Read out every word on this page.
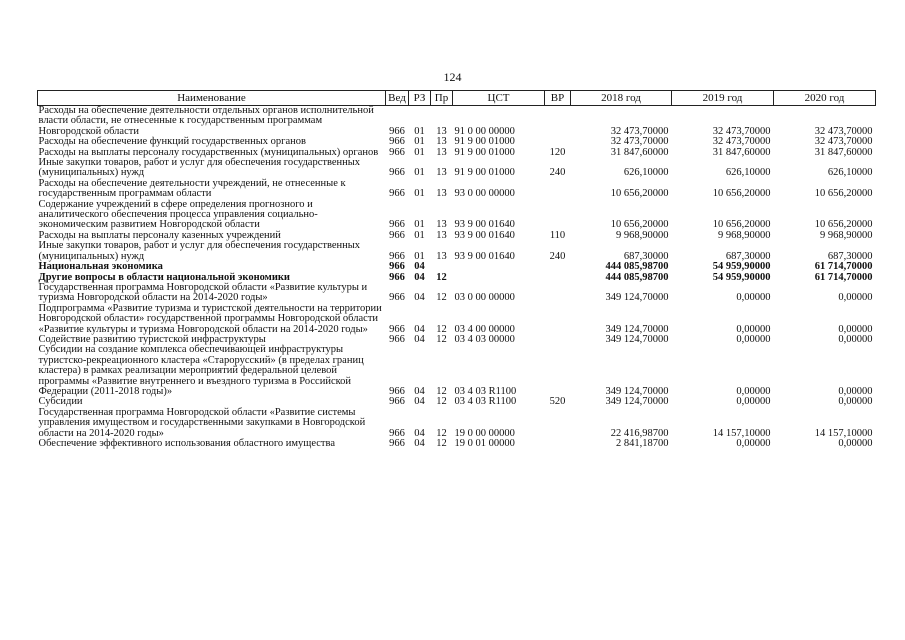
124
Наименование	Вед	РЗ	Пр	ЦСТ	ВР	2018 год	2019 год	2020 год
Расходы на обеспечение деятельности отдельных органов исполнительной власти области, не отнесенные к государственным программам Новгородской области	966	01	13	91 0 00 00000		32 473,70000	32 473,70000	32 473,70000
Расходы на обеспечение функций государственных органов	966	01	13	91 9 00 01000		32 473,70000	32 473,70000	32 473,70000
Расходы на выплаты персоналу государственных (муниципальных) органов	966	01	13	91 9 00 01000	120	31 847,60000	31 847,60000	31 847,60000
Иные закупки товаров, работ и услуг для обеспечения государственных (муниципальных) нужд	966	01	13	91 9 00 01000	240	626,10000	626,10000	626,10000
Расходы на обеспечение деятельности учреждений, не отнесенные к государственным программам области	966	01	13	93 0 00 00000		10 656,20000	10 656,20000	10 656,20000
Содержание учреждений в сфере определения прогнозного и аналитического обеспечения процесса управления социально-экономическим развитием Новгородской области	966	01	13	93 9 00 01640		10 656,20000	10 656,20000	10 656,20000
Расходы на выплаты персоналу казенных учреждений	966	01	13	93 9 00 01640	110	9 968,90000	9 968,90000	9 968,90000
Иные закупки товаров, работ и услуг для обеспечения государственных (муниципальных) нужд	966	01	13	93 9 00 01640	240	687,30000	687,30000	687,30000
Национальная экономика	966	04				444 085,98700	54 959,90000	61 714,70000
Другие вопросы в области национальной экономики	966	04	12			444 085,98700	54 959,90000	61 714,70000
Государственная программа Новгородской области «Развитие культуры и туризма Новгородской области на 2014-2020 годы»	966	04	12	03 0 00 00000		349 124,70000	0,00000	0,00000
Подпрограмма «Развитие туризма и туристской деятельности на территории Новгородской области» государственной программы Новгородской области «Развитие культуры и туризма Новгородской области на 2014-2020 годы»	966	04	12	03 4 00 00000		349 124,70000	0,00000	0,00000
Содействие развитию туристской инфраструктуры	966	04	12	03 4 03 00000		349 124,70000	0,00000	0,00000
Субсидии на создание комплекса обеспечивающей инфраструктуры туристско-рекреационного кластера «Старорусский» (в пределах границ кластера) в рамках реализации мероприятий федеральной целевой программы «Развитие внутреннего и въездного туризма в Российской Федерации (2011-2018 годы)»	966	04	12	03 4 03 R1100		349 124,70000	0,00000	0,00000
Субсидии	966	04	12	03 4 03 R1100	520	349 124,70000	0,00000	0,00000
Государственная программа Новгородской области «Развитие системы управления имуществом и государственными закупками в Новгородской области на 2014-2020 годы»	966	04	12	19 0 00 00000		22 416,98700	14 157,10000	14 157,10000
Обеспечение эффективного использования областного имущества	966	04	12	19 0 01 00000		2 841,18700	0,00000	0,00000
